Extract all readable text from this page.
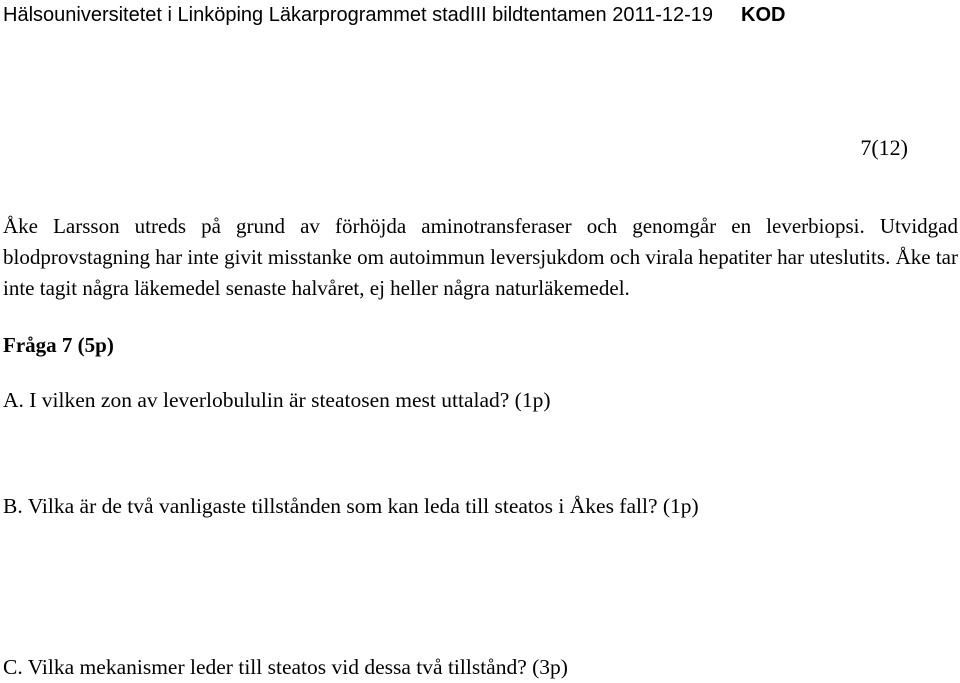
Hälsouniversitetet i Linköping Läkarprogrammet stadIII bildtentamen 2011-12-19 KOD
7(12)
Åke Larsson utreds på grund av förhöjda aminotransferaser och genomgår en leverbiopsi. Utvidgad blodprovstagning har inte givit misstanke om autoimmun leversjukdom och virala hepatiter har uteslutits. Åke tar inte tagit några läkemedel senaste halvåret, ej heller några naturläkemedel.
Fråga 7 (5p)
A. I vilken zon av leverlobululin är steatosen mest uttalad? (1p)
B. Vilka är de två vanligaste tillstånden som kan leda till steatos i Åkes fall? (1p)
C. Vilka mekanismer leder till steatos vid dessa två tillstånd? (3p)
